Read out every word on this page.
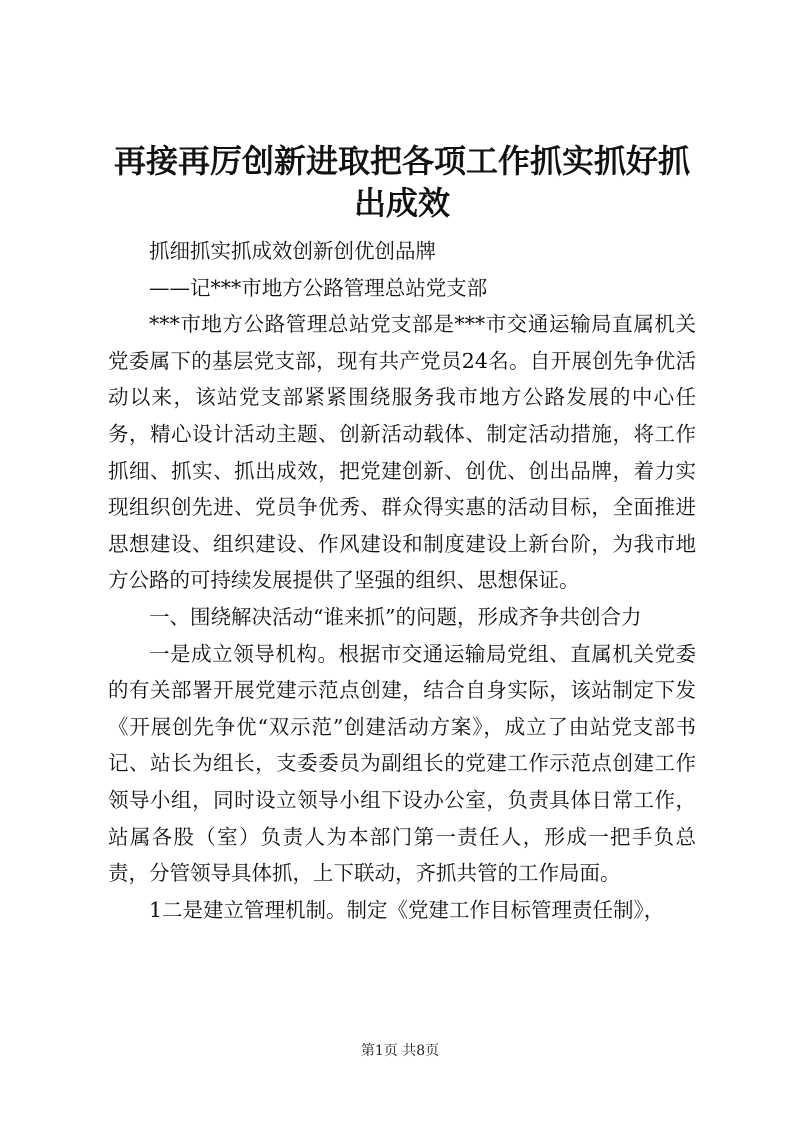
再接再厉创新进取把各项工作抓实抓好抓出成效

抓细抓实抓成效创新创优创品牌

——记***市地方公路管理总站党支部

***市地方公路管理总站党支部是***市交通运输局直属机关党委属下的基层党支部，现有共产党员24名。自开展创先争优活动以来，该站党支部紧紧围绕服务我市地方公路发展的中心任务，精心设计活动主题、创新活动载体、制定活动措施，将工作抓细、抓实、抓出成效，把党建创新、创优、创出品牌，着力实现组织创先进、党员争优秀、群众得实惠的活动目标，全面推进思想建设、组织建设、作风建设和制度建设上新台阶，为我市地方公路的可持续发展提供了坚强的组织、思想保证。

一、围绕解决活动“谁来抓”的问题，形成齐争共创合力

一是成立领导机构。根据市交通运输局党组、直属机关党委的有关部署开展党建示范点创建，结合自身实际，该站制定下发《开展创先争优“双示范”创建活动方案》，成立了由站党支部书记、站长为组长，支委委员为副组长的党建工作示范点创建工作领导小组，同时设立领导小组下设办公室，负责具体日常工作，站属各股（室）负责人为本部门第一责任人，形成一把手负总责，分管领导具体抓，上下联动，齐抓共管的工作局面。

1二是建立管理机制。制定《党建工作目标管理责任制》，

第1页 共8页
